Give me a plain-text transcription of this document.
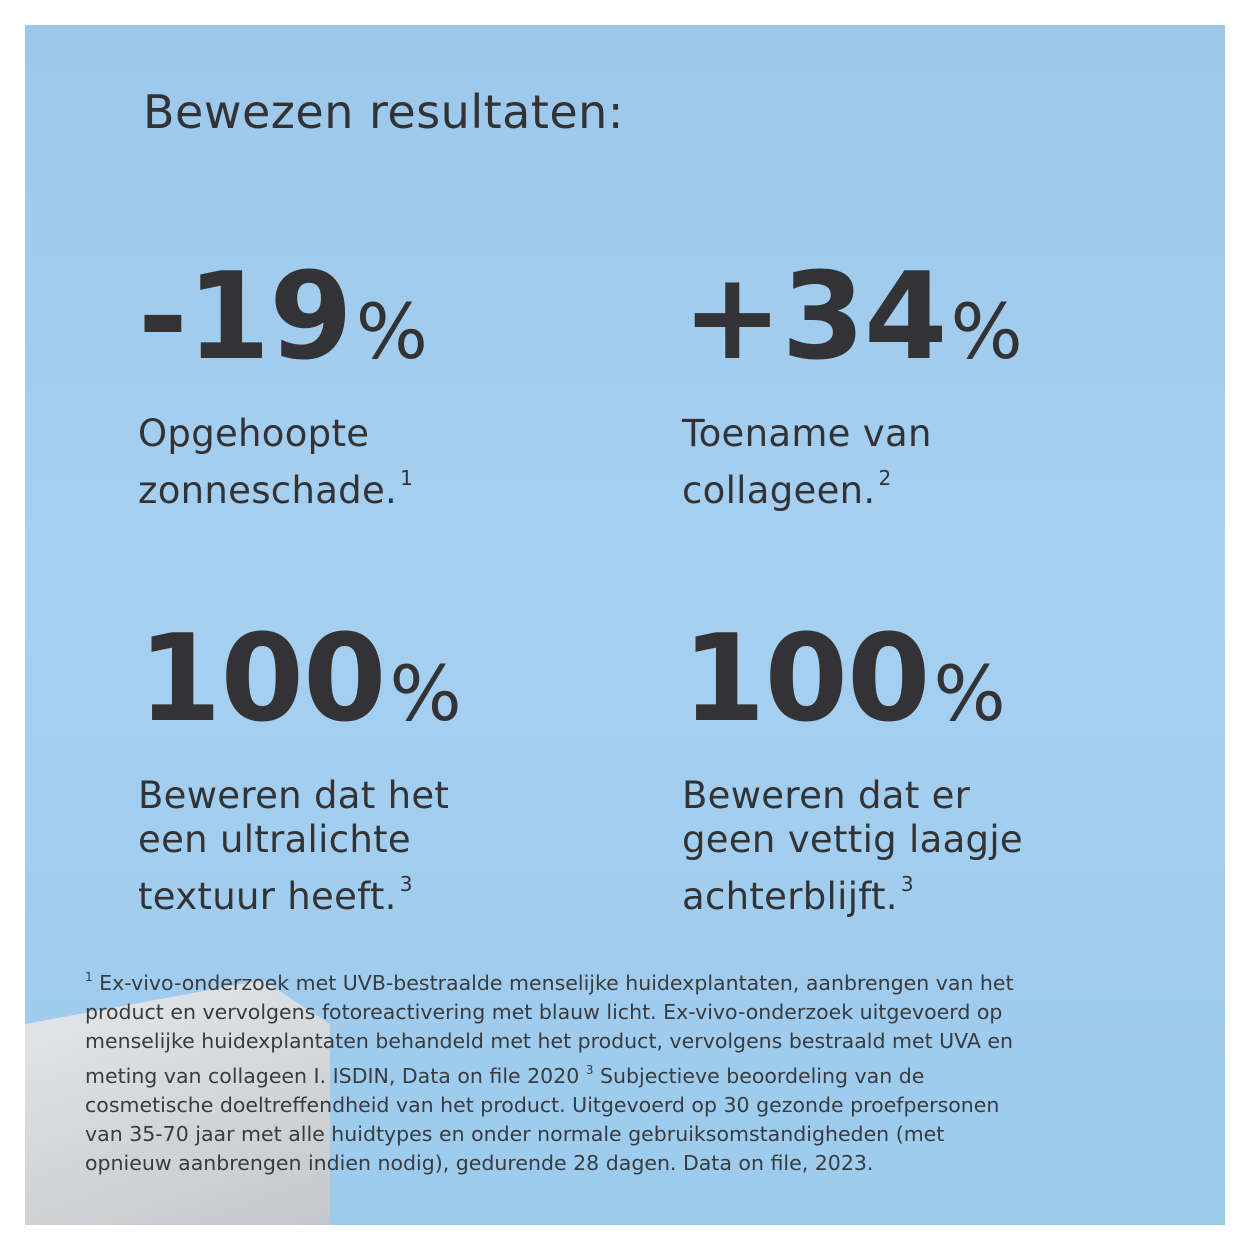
Bewezen resultaten:
-19 %
Opgehoopte
zonneschade. $^1$
+34 %
Toename van
collageen. $^2$
100 %
Beweren dat het
een ultralichte
textuur heeft. $^3$
100 %
Beweren dat er
geen vettig laagje
achterblijft. $^3$
$^1$ Ex-vivo-onderzoek met UVB-bestraalde menselijke huidexplantaten, aanbrengen van het
product en vervolgens fotoreactivering met blauw licht. Ex-vivo-onderzoek uitgevoerd op
menselijke huidexplantaten behandeld met het product, vervolgens bestraald met UVA en
meting van collageen I. ISDIN, Data on file 2020 $^3$ Subjectieve beoordeling van de
cosmetische doeltreffendheid van het product. Uitgevoerd op 30 gezonde proefpersonen
van 35-70 jaar met alle huidtypes en onder normale gebruiksomstandigheden (met
opnieuw aanbrengen indien nodig), gedurende 28 dagen. Data on file, 2023.
